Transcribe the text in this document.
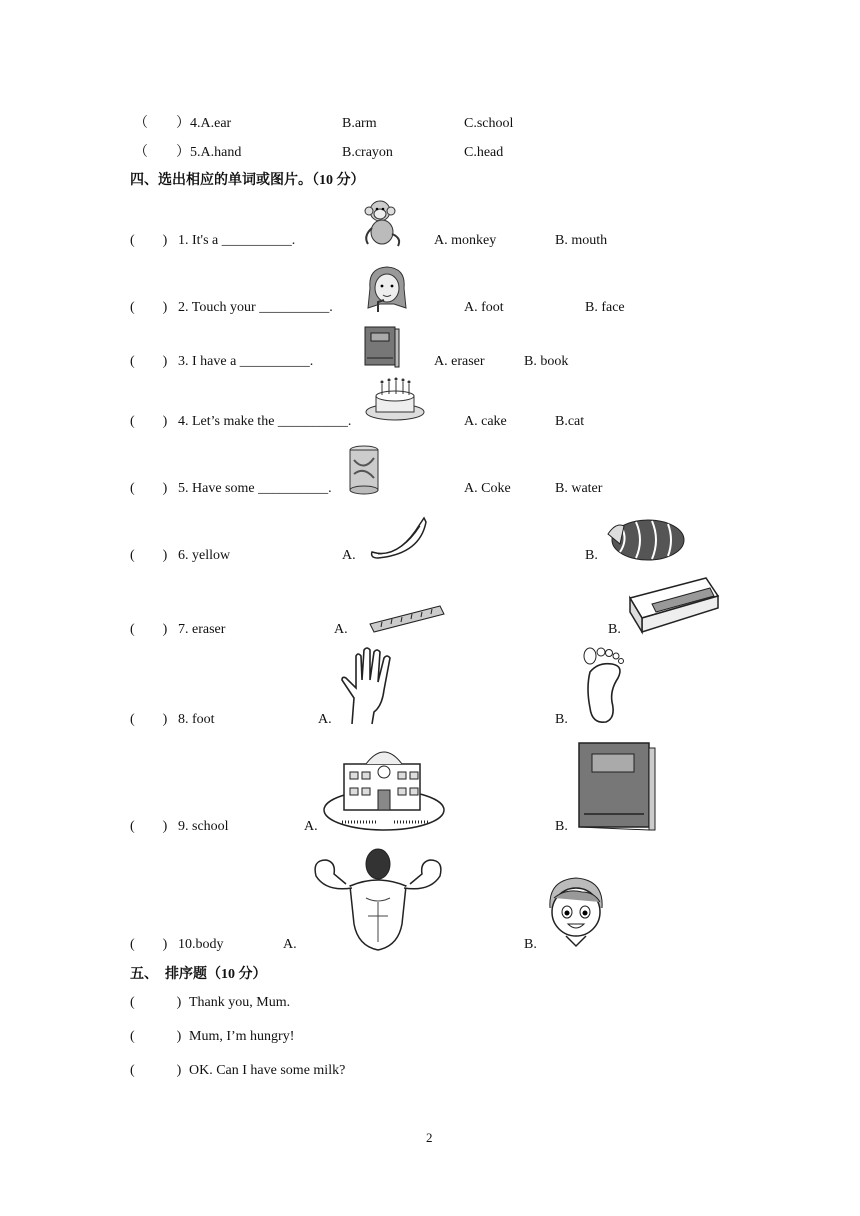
（        ） 4.A.ear	B.arm	C.school
（        ） 5.A.hand	B.crayon	C.head
四、选出相应的单词或图片。（10 分）
(        ) 1. It's a __________.	A. monkey	B. mouth
(        ) 2. Touch your __________.	A. foot	B. face
(        ) 3. I have a __________.	A. eraser	B. book
(        ) 4. Let’s make the __________.	A. cake	B.cat
(        ) 5. Have some __________.	A. Coke	B. water
(        ) 6. yellow	A.	B.
(        ) 7. eraser	A.	B.
(        ) 8. foot	A.	B.
(        ) 9. school	A.	B.
(        ) 10.body	A.	B.
五、  排序题（10 分）
(            ) Thank you, Mum.
(            ) Mum, I’m hungry!
(            ) OK. Can I have some milk?
2
